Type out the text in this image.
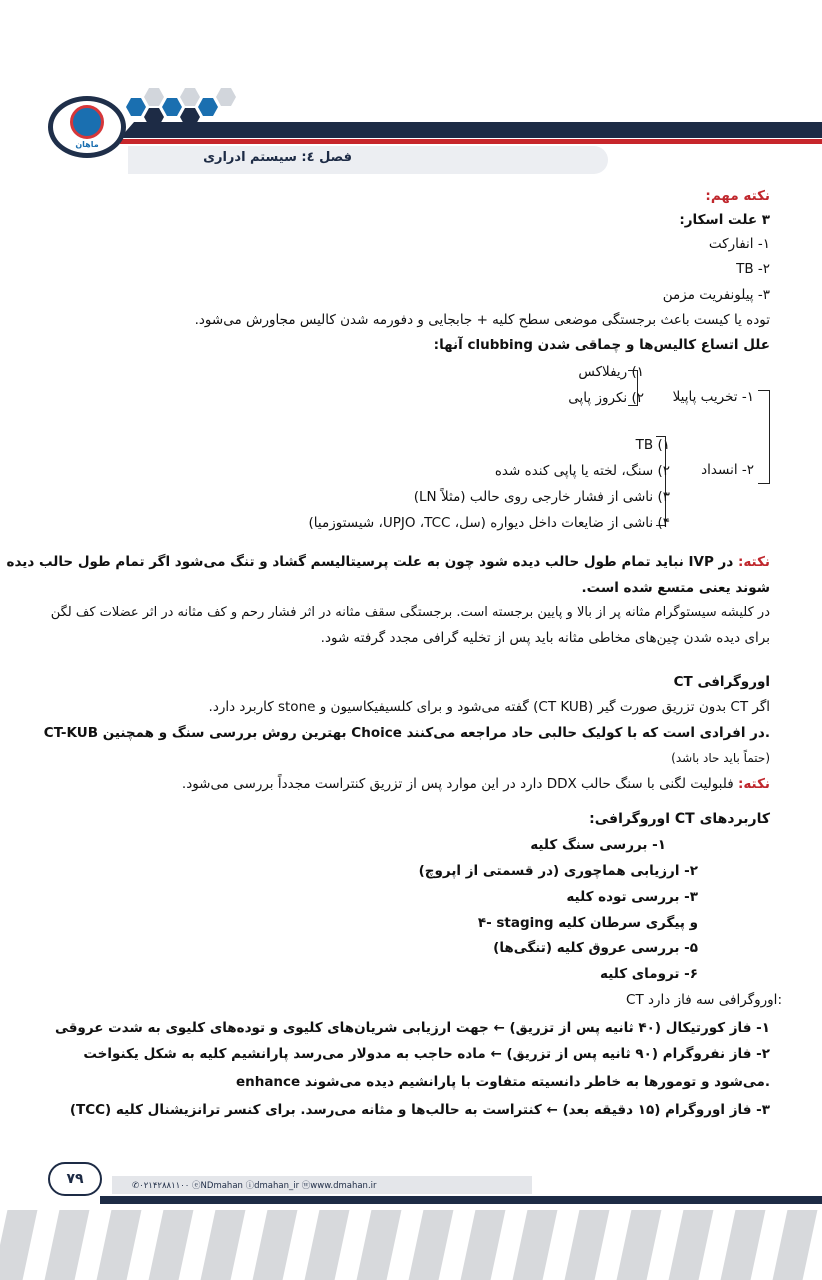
فصل ٤: سیستم ادراری
ماهان
نکته مهم:
۳ علت اسکار:
۱- انفارکت
TB -۲
۳- پیلونفریت مزمن
توده یا کیست باعث برجستگی موضعی سطح کلیه + جابجایی و دفورمه شدن کالیس مجاورش می‌شود.
علل اتساع کالیس‌ها و چماقی شدن clubbing آنها:
۱) ریفلاکس
۱- تخریب پاپیلا
۲) نکروز پاپی
TB (۱
۲- انسداد
۲) سنگ، لخته یا پاپی کنده شده
۳) ناشی از فشار خارجی روی حالب (مثلاً LN)
۴) ناشی از ضایعات داخل دیواره (سل، UPJO ،TCC، شیستوزمیا)
نکته: در IVP نباید تمام طول حالب دیده شود چون به علت پرسیتالیسم گشاد و تنگ می‌شود اگر تمام طول حالب دیده
شوند یعنی متسع شده است.
در کلیشه سیستوگرام مثانه پر از بالا و پایین برجسته است. برجستگی سقف مثانه در اثر فشار رحم و کف مثانه در اثر عضلات کف لگن
برای دیده شدن چین‌های مخاطی مثانه باید پس از تخلیه گرافی مجدد گرفته شود.
CT اوروگرافی
اگر CT بدون تزریق صورت گیر (CT KUB) گفته می‌شود و برای کلسیفیکاسیون و stone کاربرد دارد.
CT-KUB بهترین روش بررسی سنگ و همچنین Choice در افرادی است که با کولیک حالبی حاد مراجعه می‌کنند.
(حتماً باید حاد باشد)
نکته: فلبولیت لگنی با سنگ حالب DDX دارد در این موارد پس از تزریق کنتراست مجدداً بررسی می‌شود.
کاربردهای CT اوروگرافی:
۱- بررسی سنگ کلیه
۲- ارزیابی هماچوری (در قسمتی از اپروچ)
۳- بررسی توده کلیه
۴- staging و پیگری سرطان کلیه
۵- بررسی عروق کلیه (تنگی‌ها)
۶- ترومای کلیه
CT اوروگرافی سه فاز دارد:
۱- فاز کورتیکال (۴۰ ثانیه پس از تزریق) ← جهت ارزیابی شریان‌های کلیوی و توده‌های کلیوی به شدت عروقی
۲- فاز نفروگرام (۹۰ ثانیه پس از تزریق) ← ماده حاجب به مدولار می‌رسد پارانشیم کلیه به شکل یکنواخت
enhance می‌شود و تومورها به خاطر دانسیته متفاوت با پارانشیم دیده می‌شوند.
۳- فاز اوروگرام (۱۵ دقیقه بعد) ← کنتراست به حالب‌ها و مثانه می‌رسد. برای کنسر ترانزیشنال کلیه (TCC)
✆۰۲۱۴۲۸۸۱۱۰۰ ⓔNDmahan ⓘdmahan_ir ⓦwww.dmahan.ir
۷۹
